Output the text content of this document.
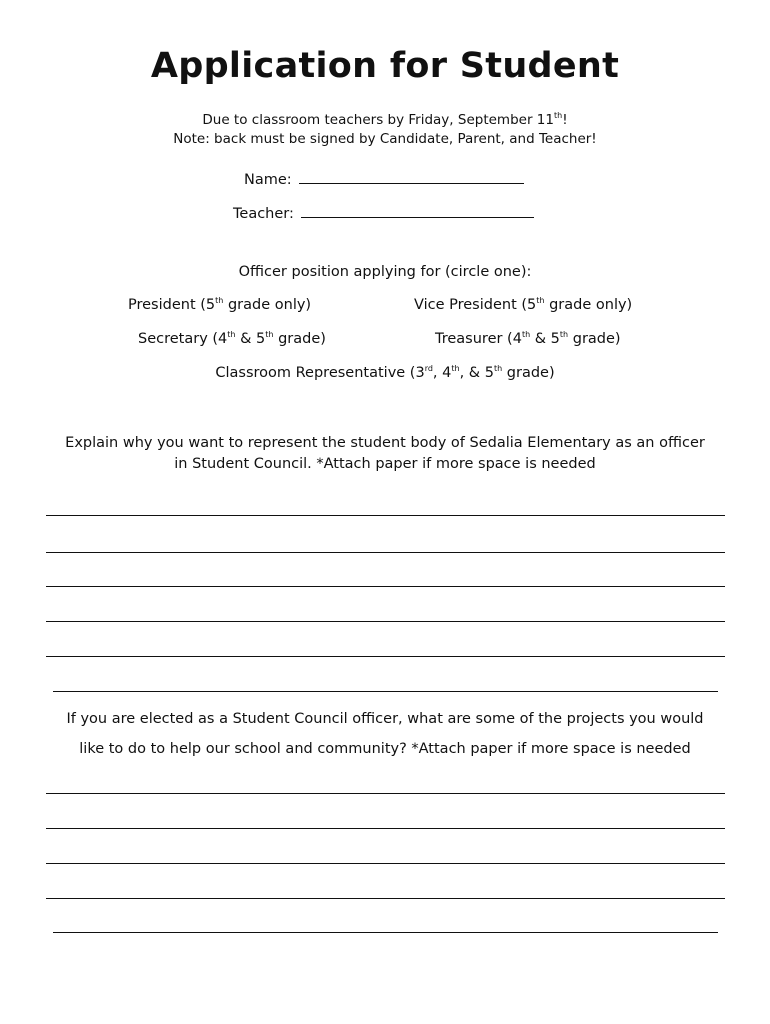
Application for Student
Due to classroom teachers by Friday, September 11th!
Note: back must be signed by Candidate, Parent, and Teacher!
Name:
Teacher:
Officer position applying for (circle one):
President (5th grade only)	Vice President (5th grade only)
Secretary (4th & 5th grade)	Treasurer (4th & 5th grade)
Classroom Representative (3rd, 4th, & 5th grade)
Explain why you want to represent the student body of Sedalia Elementary as an officer
in Student Council. *Attach paper if more space is needed
If you are elected as a Student Council officer, what are some of the projects you would
like to do to help our school and community? *Attach paper if more space is needed
